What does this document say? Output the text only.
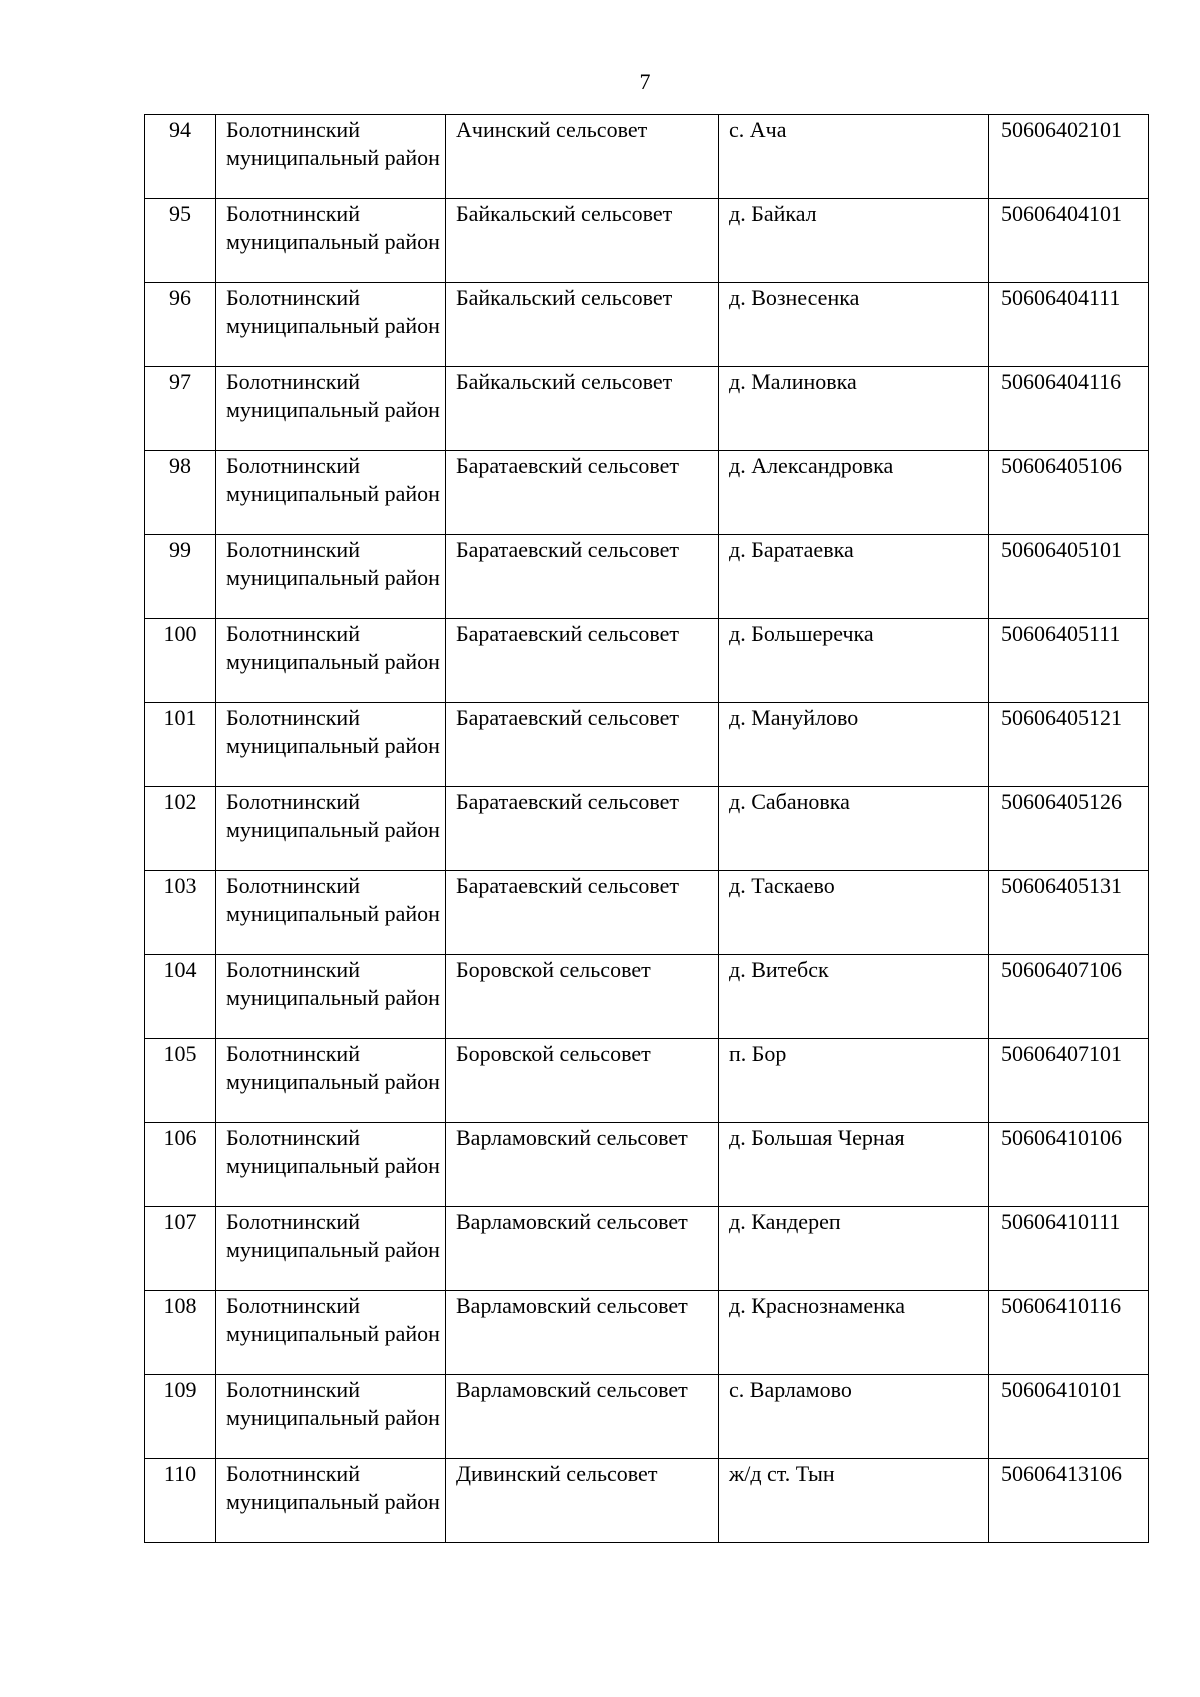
7
94	Болотнинский муниципальный район	Ачинский сельсовет	с. Ача	50606402101
95	Болотнинский муниципальный район	Байкальский сельсовет	д. Байкал	50606404101
96	Болотнинский муниципальный район	Байкальский сельсовет	д. Вознесенка	50606404111
97	Болотнинский муниципальный район	Байкальский сельсовет	д. Малиновка	50606404116
98	Болотнинский муниципальный район	Баратаевский сельсовет	д. Александровка	50606405106
99	Болотнинский муниципальный район	Баратаевский сельсовет	д. Баратаевка	50606405101
100	Болотнинский муниципальный район	Баратаевский сельсовет	д. Большеречка	50606405111
101	Болотнинский муниципальный район	Баратаевский сельсовет	д. Мануйлово	50606405121
102	Болотнинский муниципальный район	Баратаевский сельсовет	д. Сабановка	50606405126
103	Болотнинский муниципальный район	Баратаевский сельсовет	д. Таскаево	50606405131
104	Болотнинский муниципальный район	Боровской сельсовет	д. Витебск	50606407106
105	Болотнинский муниципальный район	Боровской сельсовет	п. Бор	50606407101
106	Болотнинский муниципальный район	Варламовский сельсовет	д. Большая Черная	50606410106
107	Болотнинский муниципальный район	Варламовский сельсовет	д. Кандереп	50606410111
108	Болотнинский муниципальный район	Варламовский сельсовет	д. Краснознаменка	50606410116
109	Болотнинский муниципальный район	Варламовский сельсовет	с. Варламово	50606410101
110	Болотнинский муниципальный район	Дивинский сельсовет	ж/д ст. Тын	50606413106
